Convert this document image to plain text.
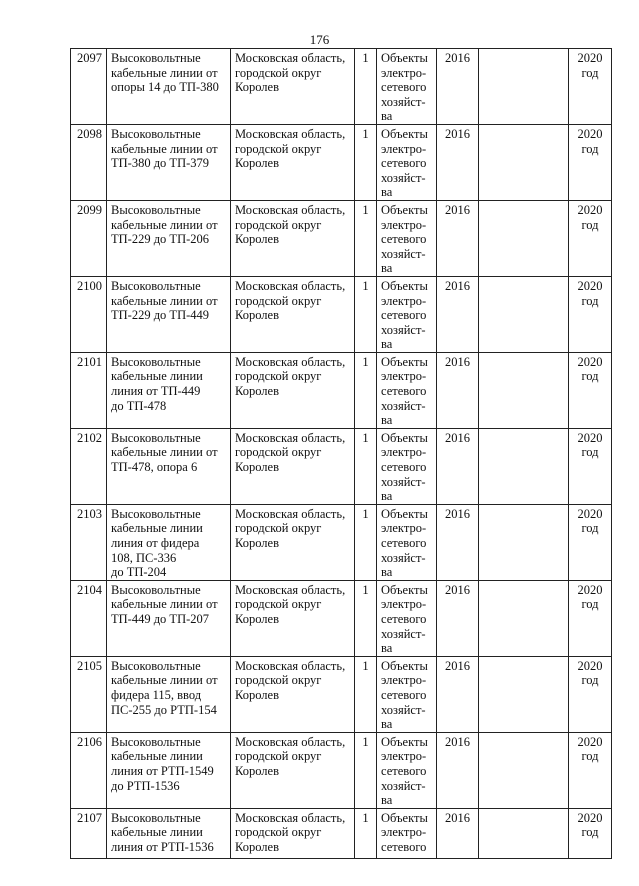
176
2097	Высоковольтные
кабельные линии от
опоры 14 до ТП-380	Московская область,
городской округ
Королев	1	Объекты
электро-
сетевого
хозяйст-
ва	2016		2020
год

2098	Высоковольтные
кабельные линии от
ТП-380 до ТП-379	Московская область,
городской округ
Королев	1	Объекты
электро-
сетевого
хозяйст-
ва	2016		2020
год

2099	Высоковольтные
кабельные линии от
ТП-229 до ТП-206	Московская область,
городской округ
Королев	1	Объекты
электро-
сетевого
хозяйст-
ва	2016		2020
год

2100	Высоковольтные
кабельные линии от
ТП-229 до ТП-449	Московская область,
городской округ
Королев	1	Объекты
электро-
сетевого
хозяйст-
ва	2016		2020
год

2101	Высоковольтные
кабельные линии
линия от ТП-449
до ТП-478	Московская область,
городской округ
Королев	1	Объекты
электро-
сетевого
хозяйст-
ва	2016		2020
год

2102	Высоковольтные
кабельные линии от
ТП-478, опора 6	Московская область,
городской округ
Королев	1	Объекты
электро-
сетевого
хозяйст-
ва	2016		2020
год

2103	Высоковольтные
кабельные линии
линия от фидера
108, ПС-336
до ТП-204	Московская область,
городской округ
Королев	1	Объекты
электро-
сетевого
хозяйст-
ва	2016		2020
год

2104	Высоковольтные
кабельные линии от
ТП-449 до ТП-207	Московская область,
городской округ
Королев	1	Объекты
электро-
сетевого
хозяйст-
ва	2016		2020
год

2105	Высоковольтные
кабельные линии от
фидера 115, ввод
ПС-255 до РТП-154	Московская область,
городской округ
Королев	1	Объекты
электро-
сетевого
хозяйст-
ва	2016		2020
год

2106	Высоковольтные
кабельные линии
линия от РТП-1549
до РТП-1536	Московская область,
городской округ
Королев	1	Объекты
электро-
сетевого
хозяйст-
ва	2016		2020
год

2107	Высоковольтные
кабельные линии
линия от РТП-1536	Московская область,
городской округ
Королев	1	Объекты
электро-
сетевого	2016		2020
год
